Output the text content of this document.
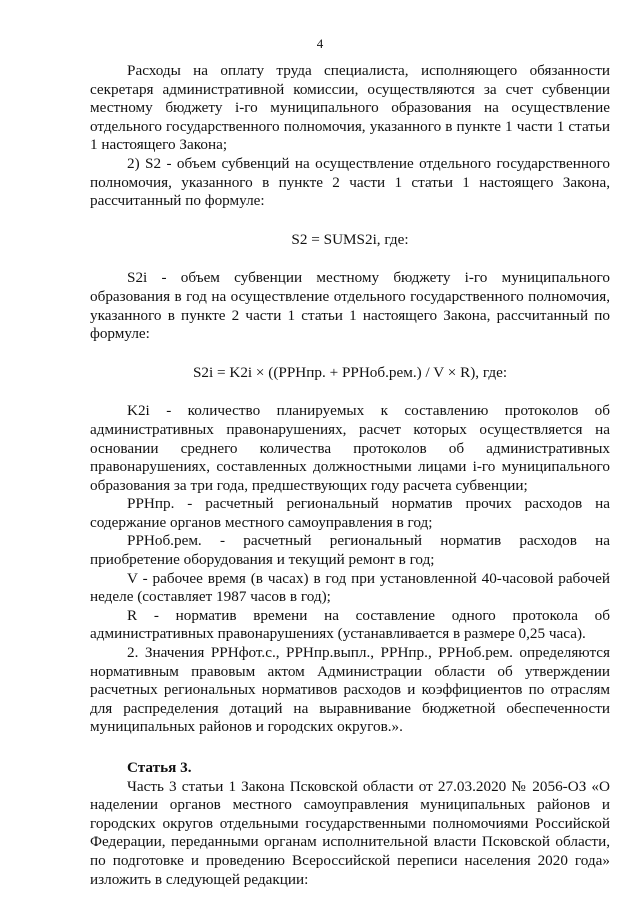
4

Расходы на оплату труда специалиста, исполняющего обязанности секретаря административной комиссии, осуществляются за счет субвенции местному бюджету i-го муниципального образования на осуществление отдельного государственного полномочия, указанного в пункте 1 части 1 статьи 1 настоящего Закона;

2) S2 - объем субвенций на осуществление отдельного государственного полномочия, указанного в пункте 2 части 1 статьи 1 настоящего Закона, рассчитанный по формуле:

S2 = SUMS2i, где:

S2i - объем субвенции местному бюджету i-го муниципального образования в год на осуществление отдельного государственного полномочия, указанного в пункте 2 части 1 статьи 1 настоящего Закона, рассчитанный по формуле:

S2i = K2i × ((PPHпр. + PPHоб.рем.) / V × R), где:

K2i - количество планируемых к составлению протоколов об административных правонарушениях, расчет которых осуществляется на основании среднего количества протоколов об административных правонарушениях, составленных должностными лицами i-го муниципального образования за три года, предшествующих году расчета субвенции;

PPHпр. - расчетный региональный норматив прочих расходов на содержание органов местного самоуправления в год;

PPHоб.рем. - расчетный региональный норматив расходов на приобретение оборудования и текущий ремонт в год;

V - рабочее время (в часах) в год при установленной 40-часовой рабочей неделе (составляет 1987 часов в год);

R - норматив времени на составление одного протокола об административных правонарушениях (устанавливается в размере 0,25 часа).

2. Значения PPHфот.с., PPHпр.выпл., PPHпр., PPHоб.рем. определяются нормативным правовым актом Администрации области об утверждении расчетных региональных нормативов расходов и коэффициентов по отраслям для распределения дотаций на выравнивание бюджетной обеспеченности муниципальных районов и городских округов.».

Статья 3.

Часть 3 статьи 1 Закона Псковской области от 27.03.2020 № 2056-ОЗ «О наделении органов местного самоуправления муниципальных районов и городских округов отдельными государственными полномочиями Российской Федерации, переданными органам исполнительной власти Псковской области, по подготовке и проведению Всероссийской переписи населения 2020 года» изложить в следующей редакции:
